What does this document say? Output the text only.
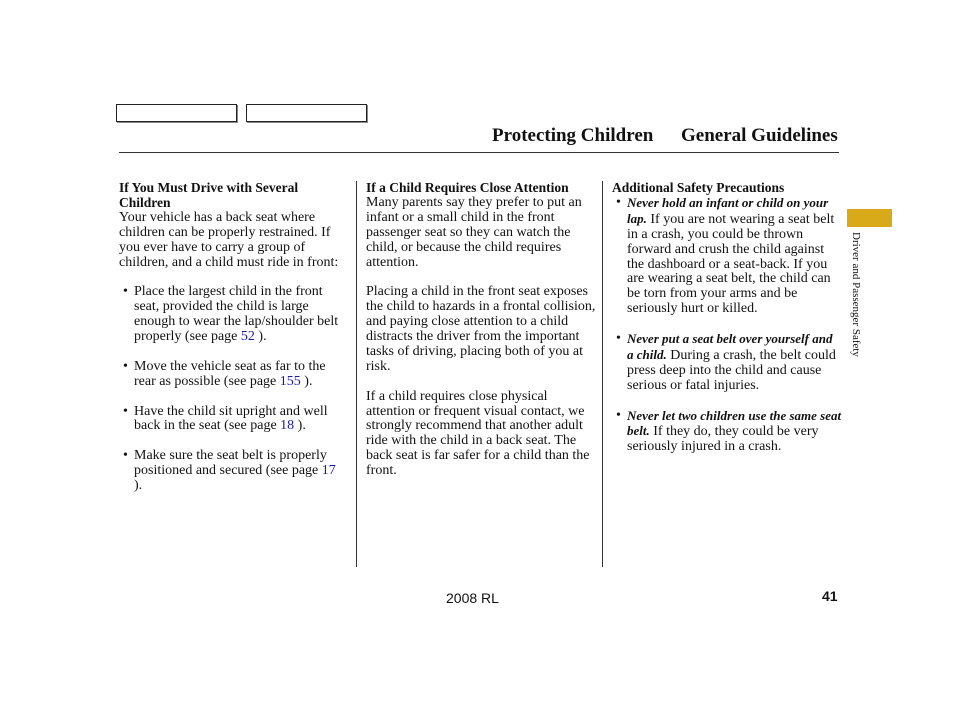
Protecting Children General Guidelines
If You Must Drive with Several Children

Your vehicle has a back seat where children can be properly restrained. If you ever have to carry a group of children, and a child must ride in front:

• Place the largest child in the front seat, provided the child is large enough to wear the lap/shoulder belt properly (see page 52 ).
• Move the vehicle seat as far to the rear as possible (see page 155 ).
• Have the child sit upright and well back in the seat (see page 18 ).
• Make sure the seat belt is properly positioned and secured (see page 17 ).
If a Child Requires Close Attention

Many parents say they prefer to put an infant or a small child in the front passenger seat so they can watch the child, or because the child requires attention.

Placing a child in the front seat exposes the child to hazards in a frontal collision, and paying close attention to a child distracts the driver from the important tasks of driving, placing both of you at risk.

If a child requires close physical attention or frequent visual contact, we strongly recommend that another adult ride with the child in a back seat. The back seat is far safer for a child than the front.

Additional Safety Precautions
• Never hold an infant or child on your lap. If you are not wearing a seat belt in a crash, you could be thrown forward and crush the child against the dashboard or a seat-back. If you are wearing a seat belt, the child can be torn from your arms and be seriously hurt or killed.
• Never put a seat belt over yourself and a child. During a crash, the belt could press deep into the child and cause serious or fatal injuries.
• Never let two children use the same seat belt. If they do, they could be very seriously injured in a crash.
Driver and Passenger Safety
2008 RL	41
